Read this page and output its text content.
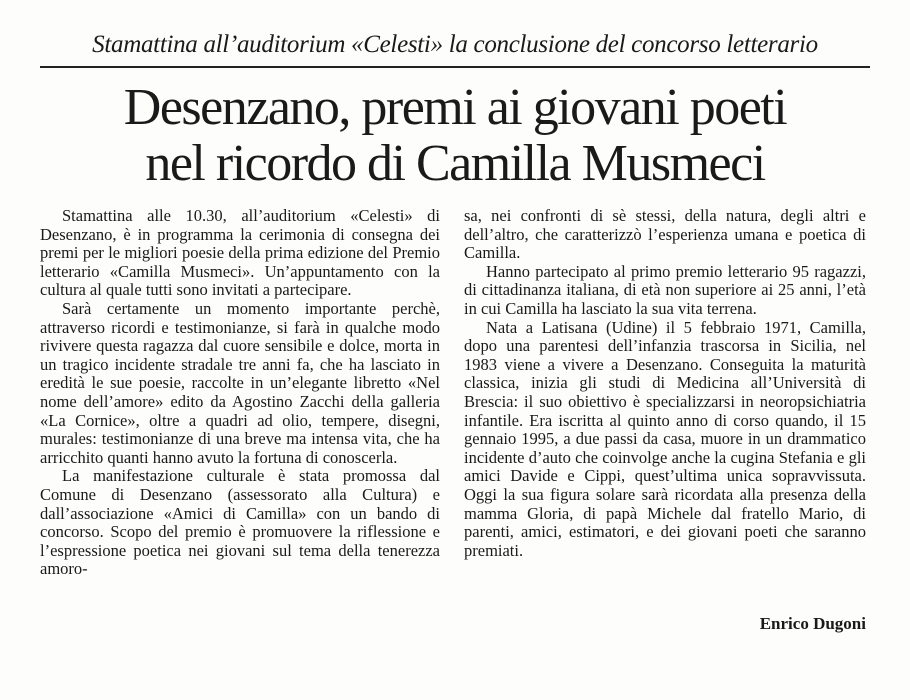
Stamattina all’auditorium «Celesti» la conclusione del concorso letterario
Desenzano, premi ai giovani poeti
nel ricordo di Camilla Musmeci

Stamattina alle 10.30, all’auditorium «Celesti» di Desenzano, è in programma la cerimonia di consegna dei premi per le migliori poesie della prima edizione del Premio letterario «Camilla Musmeci». Un’appuntamento con la cultura al quale tutti sono invitati a partecipare.

Sarà certamente un momento importante perchè, attraverso ricordi e testimonianze, si farà in qualche modo rivivere questa ragazza dal cuore sensibile e dolce, morta in un tragico incidente stradale tre anni fa, che ha lasciato in eredità le sue poesie, raccolte in un’elegante libretto «Nel nome dell’amore» edito da Agostino Zacchi della galleria «La Cornice», oltre a quadri ad olio, tempere, disegni, murales: testimonianze di una breve ma intensa vita, che ha arricchito quanti hanno avuto la fortuna di conoscerla.

La manifestazione culturale è stata promossa dal Comune di Desenzano (assessorato alla Cultura) e dall’associazione «Amici di Camilla» con un bando di concorso. Scopo del premio è promuovere la riflessione e l’espressione poetica nei giovani sul tema della tenerezza amoro-

sa, nei confronti di sè stessi, della natura, degli altri e dell’altro, che caratterizzò l’esperienza umana e poetica di Camilla.

Hanno partecipato al primo premio letterario 95 ragazzi, di cittadinanza italiana, di età non superiore ai 25 anni, l’età in cui Camilla ha lasciato la sua vita terrena.

Nata a Latisana (Udine) il 5 febbraio 1971, Camilla, dopo una parentesi dell’infanzia trascorsa in Sicilia, nel 1983 viene a vivere a Desenzano. Conseguita la maturità classica, inizia gli studi di Medicina all’Università di Brescia: il suo obiettivo è specializzarsi in neoropsichiatria infantile. Era iscritta al quinto anno di corso quando, il 15 gennaio 1995, a due passi da casa, muore in un drammatico incidente d’auto che coinvolge anche la cugina Stefania e gli amici Davide e Cippi, quest’ultima unica sopravvissuta. Oggi la sua figura solare sarà ricordata alla presenza della mamma Gloria, di papà Michele dal fratello Mario, di parenti, amici, estimatori, e dei giovani poeti che saranno premiati.

Enrico Dugoni
